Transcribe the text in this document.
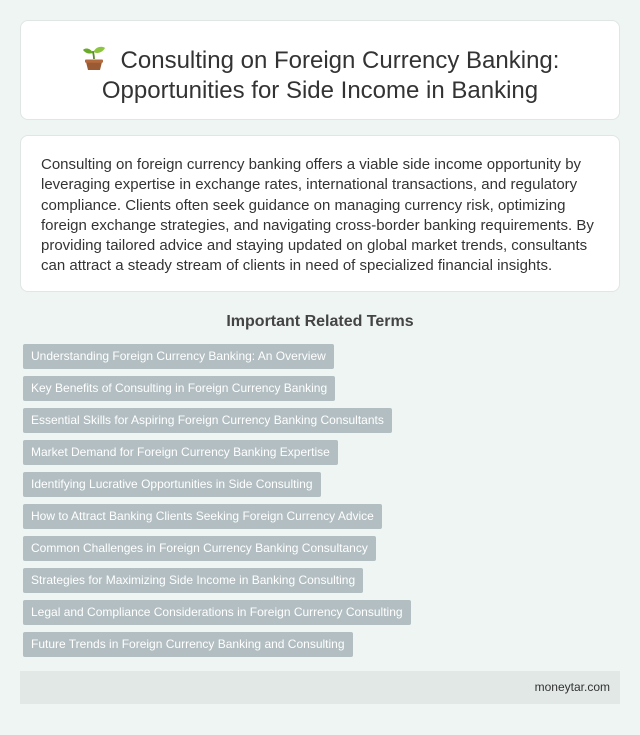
Consulting on Foreign Currency Banking: Opportunities for Side Income in Banking

Consulting on foreign currency banking offers a viable side income opportunity by leveraging expertise in exchange rates, international transactions, and regulatory compliance. Clients often seek guidance on managing currency risk, optimizing foreign exchange strategies, and navigating cross-border banking requirements. By providing tailored advice and staying updated on global market trends, consultants can attract a steady stream of clients in need of specialized financial insights.

Important Related Terms
Understanding Foreign Currency Banking: An Overview
Key Benefits of Consulting in Foreign Currency Banking
Essential Skills for Aspiring Foreign Currency Banking Consultants
Market Demand for Foreign Currency Banking Expertise
Identifying Lucrative Opportunities in Side Consulting
How to Attract Banking Clients Seeking Foreign Currency Advice
Common Challenges in Foreign Currency Banking Consultancy
Strategies for Maximizing Side Income in Banking Consulting
Legal and Compliance Considerations in Foreign Currency Consulting
Future Trends in Foreign Currency Banking and Consulting
moneytar.com
